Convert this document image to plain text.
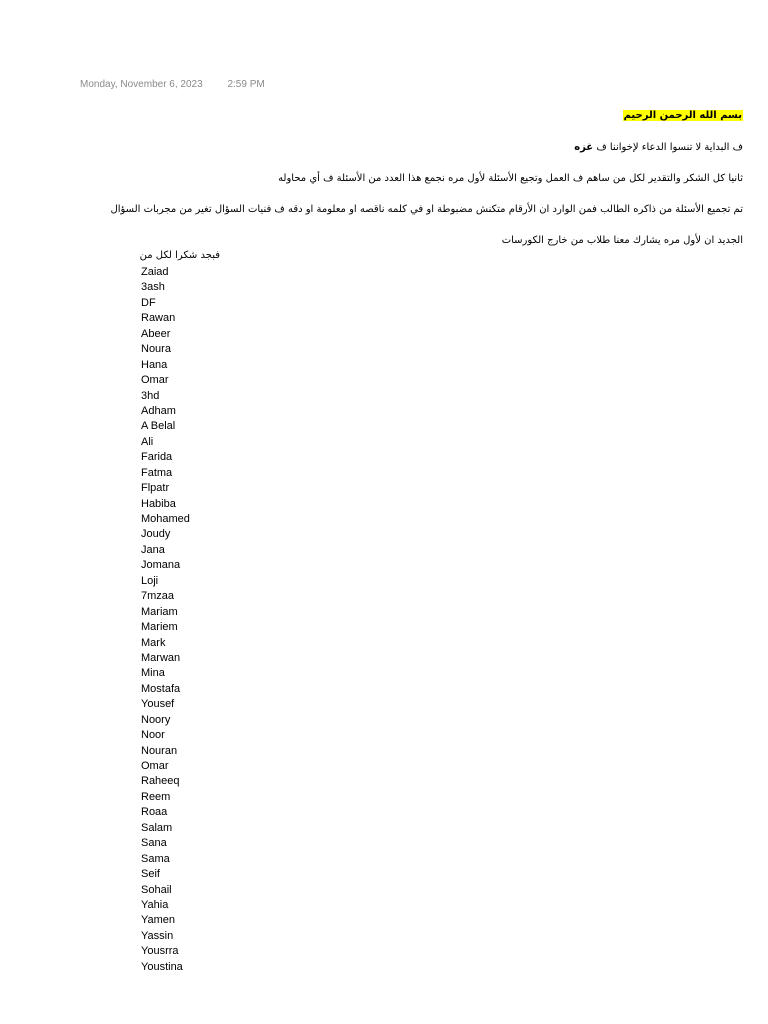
Monday, November 6, 2023 2:59 PM
بسم الله الرحمن الرحيم
ف البداية لا تنسوا الدعاء لإخواننا ف غزه
ثانيا كل الشكر والتقدير لكل من ساهم ف العمل وتجيع الأسئلة لأول مره نجمع هذا العدد من الأسئلة ف أي محاوله
تم تجميع الأسئلة من ذاكره الطالب فمن الوارد ان الأرقام متكنش مضبوطة او في كلمه ناقصه او معلومة او دقه ف فنيات السؤال تغير من مجربات السؤال
الجديد ان لأول مره يشارك معنا طلاب من خارج الكورسات
فبجد شكرا لكل من
Zaiad
3ash
DF
Rawan
Abeer
Noura
Hana
Omar
3hd
Adham
A Belal
Ali
Farida
Fatma
Flpatr
Habiba
Mohamed
Joudy
Jana
Jomana
Loji
7mzaa
Mariam
Mariem
Mark
Marwan
Mina
Mostafa
Yousef
Noory
Noor
Nouran
Omar
Raheeq
Reem
Roaa
Salam
Sana
Sama
Seif
Sohail
Yahia
Yamen
Yassin
Yousrra
Youstina
